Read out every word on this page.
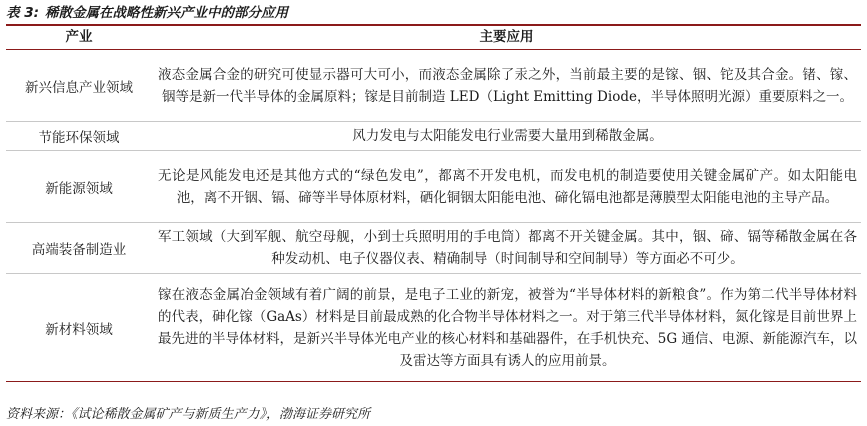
表 3: 稀散金属在战略性新兴产业中的部分应用
产业	主要应用
新兴信息产业领域	液态金属合金的研究可使显示器可大可小，而液态金属除了汞之外，当前最主要的是镓、铟、铊及其合金。锗、镓、铟等是新一代半导体的金属原料；镓是目前制造 LED（Light Emitting Diode，半导体照明光源）重要原料之一。
节能环保领域	风力发电与太阳能发电行业需要大量用到稀散金属。
新能源领域	无论是风能发电还是其他方式的“绿色发电”，都离不开发电机，而发电机的制造要使用关键金属矿产。如太阳能电池，离不开铟、镉、碲等半导体原材料，硒化铜铟太阳能电池、碲化镉电池都是薄膜型太阳能电池的主导产品。
高端装备制造业	军工领域（大到军舰、航空母舰，小到士兵照明用的手电筒）都离不开关键金属。其中，铟、碲、镉等稀散金属在各种发动机、电子仪器仪表、精确制导（时间制导和空间制导）等方面必不可少。
新材料领域	镓在液态金属冶金领域有着广阔的前景，是电子工业的新宠，被誉为“半导体材料的新粮食”。作为第二代半导体材料的代表，砷化镓（GaAs）材料是目前最成熟的化合物半导体材料之一。对于第三代半导体材料，氮化镓是目前世界上最先进的半导体材料，是新兴半导体光电产业的核心材料和基础器件，在手机快充、5G 通信、电源、新能源汽车，以及雷达等方面具有诱人的应用前景。
资料来源：《试论稀散金属矿产与新质生产力》，渤海证券研究所
